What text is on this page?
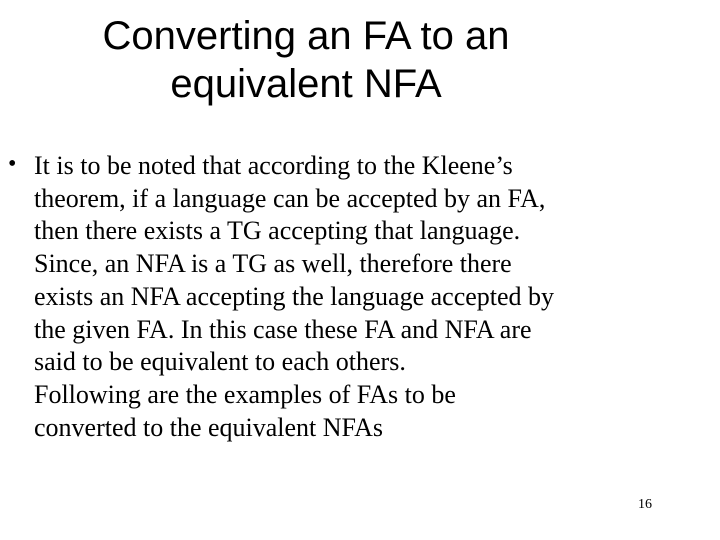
Converting an FA to an
equivalent NFA
• It is to be noted that according to the Kleene’s
theorem, if a language can be accepted by an FA,
then there exists a TG accepting that language.
Since, an NFA is a TG as well, therefore there
exists an NFA accepting the language accepted by
the given FA. In this case these FA and NFA are
said to be equivalent to each others.
Following are the examples of FAs to be
converted to the equivalent NFAs
16
